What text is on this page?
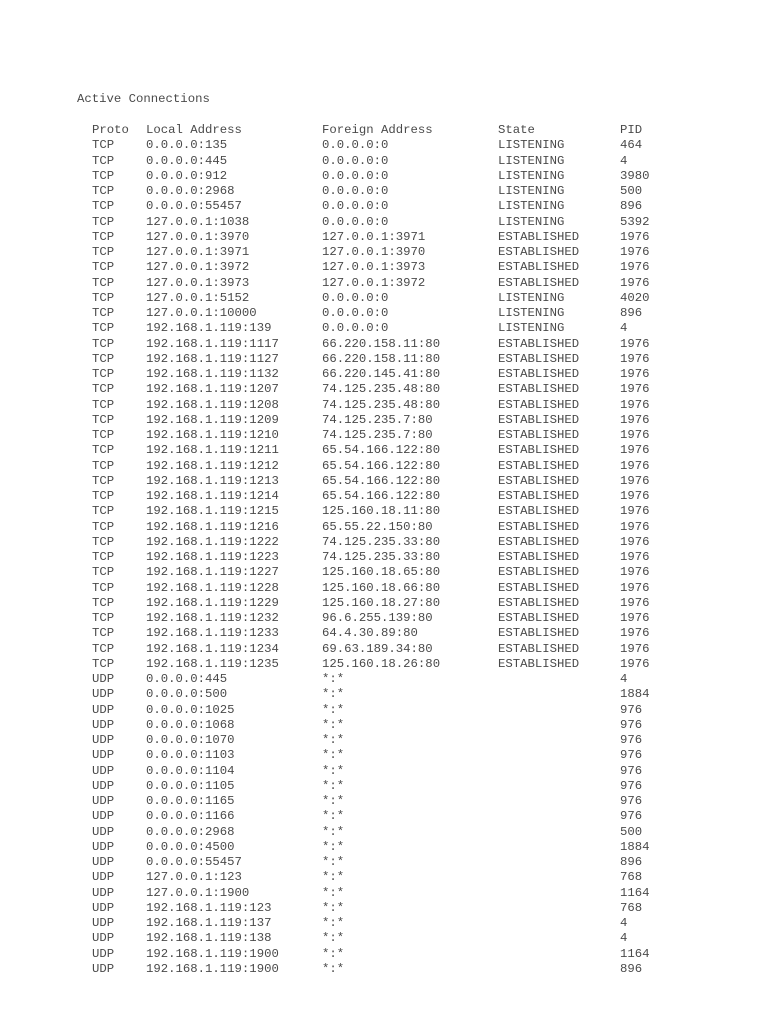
Active Connections
Proto	Local Address	Foreign Address	State	PID
TCP	0.0.0.0:135	0.0.0.0:0	LISTENING	464
TCP	0.0.0.0:445	0.0.0.0:0	LISTENING	4
TCP	0.0.0.0:912	0.0.0.0:0	LISTENING	3980
TCP	0.0.0.0:2968	0.0.0.0:0	LISTENING	500
TCP	0.0.0.0:55457	0.0.0.0:0	LISTENING	896
TCP	127.0.0.1:1038	0.0.0.0:0	LISTENING	5392
TCP	127.0.0.1:3970	127.0.0.1:3971	ESTABLISHED	1976
TCP	127.0.0.1:3971	127.0.0.1:3970	ESTABLISHED	1976
TCP	127.0.0.1:3972	127.0.0.1:3973	ESTABLISHED	1976
TCP	127.0.0.1:3973	127.0.0.1:3972	ESTABLISHED	1976
TCP	127.0.0.1:5152	0.0.0.0:0	LISTENING	4020
TCP	127.0.0.1:10000	0.0.0.0:0	LISTENING	896
TCP	192.168.1.119:139	0.0.0.0:0	LISTENING	4
TCP	192.168.1.119:1117	66.220.158.11:80	ESTABLISHED	1976
TCP	192.168.1.119:1127	66.220.158.11:80	ESTABLISHED	1976
TCP	192.168.1.119:1132	66.220.145.41:80	ESTABLISHED	1976
TCP	192.168.1.119:1207	74.125.235.48:80	ESTABLISHED	1976
TCP	192.168.1.119:1208	74.125.235.48:80	ESTABLISHED	1976
TCP	192.168.1.119:1209	74.125.235.7:80	ESTABLISHED	1976
TCP	192.168.1.119:1210	74.125.235.7:80	ESTABLISHED	1976
TCP	192.168.1.119:1211	65.54.166.122:80	ESTABLISHED	1976
TCP	192.168.1.119:1212	65.54.166.122:80	ESTABLISHED	1976
TCP	192.168.1.119:1213	65.54.166.122:80	ESTABLISHED	1976
TCP	192.168.1.119:1214	65.54.166.122:80	ESTABLISHED	1976
TCP	192.168.1.119:1215	125.160.18.11:80	ESTABLISHED	1976
TCP	192.168.1.119:1216	65.55.22.150:80	ESTABLISHED	1976
TCP	192.168.1.119:1222	74.125.235.33:80	ESTABLISHED	1976
TCP	192.168.1.119:1223	74.125.235.33:80	ESTABLISHED	1976
TCP	192.168.1.119:1227	125.160.18.65:80	ESTABLISHED	1976
TCP	192.168.1.119:1228	125.160.18.66:80	ESTABLISHED	1976
TCP	192.168.1.119:1229	125.160.18.27:80	ESTABLISHED	1976
TCP	192.168.1.119:1232	96.6.255.139:80	ESTABLISHED	1976
TCP	192.168.1.119:1233	64.4.30.89:80	ESTABLISHED	1976
TCP	192.168.1.119:1234	69.63.189.34:80	ESTABLISHED	1976
TCP	192.168.1.119:1235	125.160.18.26:80	ESTABLISHED	1976
UDP	0.0.0.0:445	*:*		4
UDP	0.0.0.0:500	*:*		1884
UDP	0.0.0.0:1025	*:*		976
UDP	0.0.0.0:1068	*:*		976
UDP	0.0.0.0:1070	*:*		976
UDP	0.0.0.0:1103	*:*		976
UDP	0.0.0.0:1104	*:*		976
UDP	0.0.0.0:1105	*:*		976
UDP	0.0.0.0:1165	*:*		976
UDP	0.0.0.0:1166	*:*		976
UDP	0.0.0.0:2968	*:*		500
UDP	0.0.0.0:4500	*:*		1884
UDP	0.0.0.0:55457	*:*		896
UDP	127.0.0.1:123	*:*		768
UDP	127.0.0.1:1900	*:*		1164
UDP	192.168.1.119:123	*:*		768
UDP	192.168.1.119:137	*:*		4
UDP	192.168.1.119:138	*:*		4
UDP	192.168.1.119:1900	*:*		1164
UDP	192.168.1.119:1900	*:*		896
